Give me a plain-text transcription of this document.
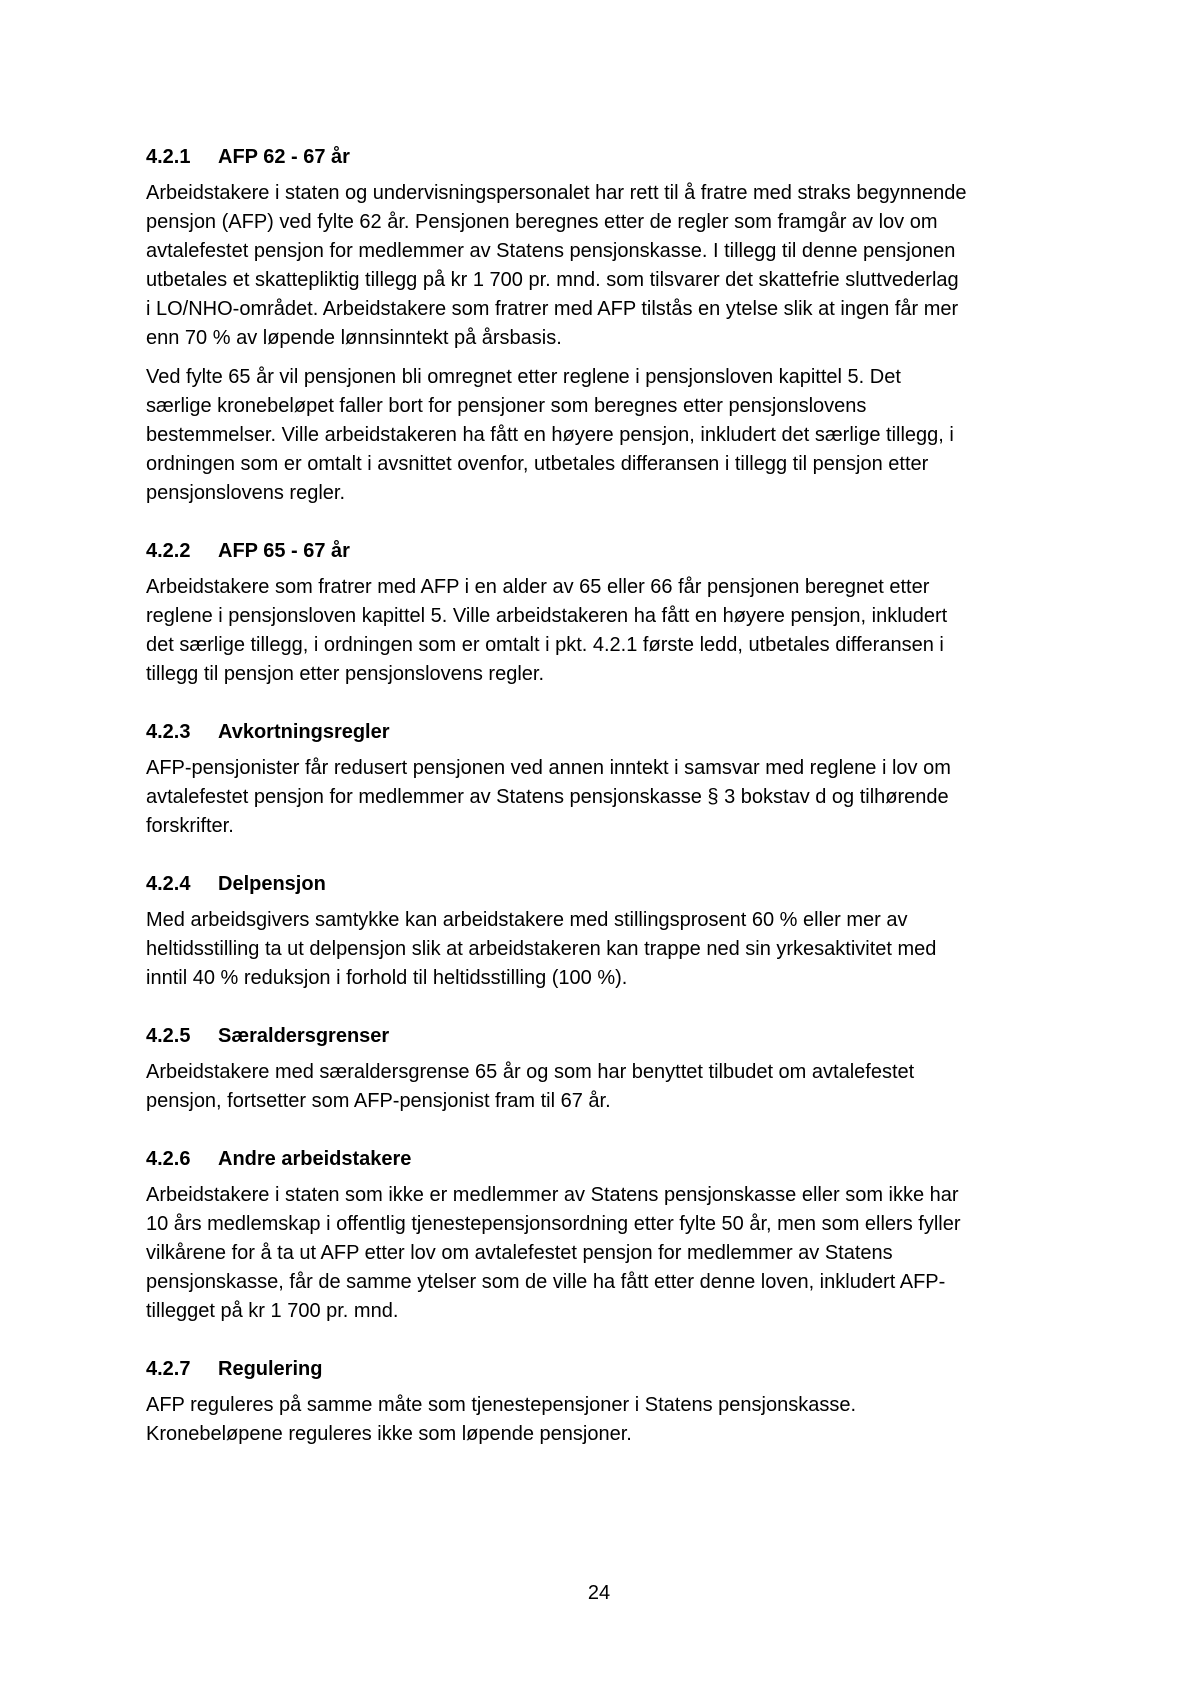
4.2.1	AFP 62 - 67 år

Arbeidstakere i staten og undervisningspersonalet har rett til å fratre med straks begynnende
pensjon (AFP) ved fylte 62 år. Pensjonen beregnes etter de regler som framgår av lov om
avtalefestet pensjon for medlemmer av Statens pensjonskasse. I tillegg til denne pensjonen
utbetales et skattepliktig tillegg på kr 1 700 pr. mnd. som tilsvarer det skattefrie sluttvederlag
i LO/NHO-området. Arbeidstakere som fratrer med AFP tilstås en ytelse slik at ingen får mer
enn 70 % av løpende lønnsinntekt på årsbasis.

Ved fylte 65 år vil pensjonen bli omregnet etter reglene i pensjonsloven kapittel 5. Det
særlige kronebeløpet faller bort for pensjoner som beregnes etter pensjonslovens
bestemmelser. Ville arbeidstakeren ha fått en høyere pensjon, inkludert det særlige tillegg, i
ordningen som er omtalt i avsnittet ovenfor, utbetales differansen i tillegg til pensjon etter
pensjonslovens regler.

4.2.2	AFP 65 - 67 år

Arbeidstakere som fratrer med AFP i en alder av 65 eller 66 får pensjonen beregnet etter
reglene i pensjonsloven kapittel 5. Ville arbeidstakeren ha fått en høyere pensjon, inkludert
det særlige tillegg, i ordningen som er omtalt i pkt. 4.2.1 første ledd, utbetales differansen i
tillegg til pensjon etter pensjonslovens regler.

4.2.3	Avkortningsregler

AFP-pensjonister får redusert pensjonen ved annen inntekt i samsvar med reglene i lov om
avtalefestet pensjon for medlemmer av Statens pensjonskasse § 3 bokstav d og tilhørende
forskrifter.

4.2.4	Delpensjon

Med arbeidsgivers samtykke kan arbeidstakere med stillingsprosent 60 % eller mer av
heltidsstilling ta ut delpensjon slik at arbeidstakeren kan trappe ned sin yrkesaktivitet med
inntil 40 % reduksjon i forhold til heltidsstilling (100 %).

4.2.5	Særaldersgrenser

Arbeidstakere med særaldersgrense 65 år og som har benyttet tilbudet om avtalefestet
pensjon, fortsetter som AFP-pensjonist fram til 67 år.

4.2.6	Andre arbeidstakere

Arbeidstakere i staten som ikke er medlemmer av Statens pensjonskasse eller som ikke har
10 års medlemskap i offentlig tjenestepensjonsordning etter fylte 50 år, men som ellers fyller
vilkårene for å ta ut AFP etter lov om avtalefestet pensjon for medlemmer av Statens
pensjonskasse, får de samme ytelser som de ville ha fått etter denne loven, inkludert AFP-
tillegget på kr 1 700 pr. mnd.

4.2.7	Regulering

AFP reguleres på samme måte som tjenestepensjoner i Statens pensjonskasse.
Kronebeløpene reguleres ikke som løpende pensjoner.

24
